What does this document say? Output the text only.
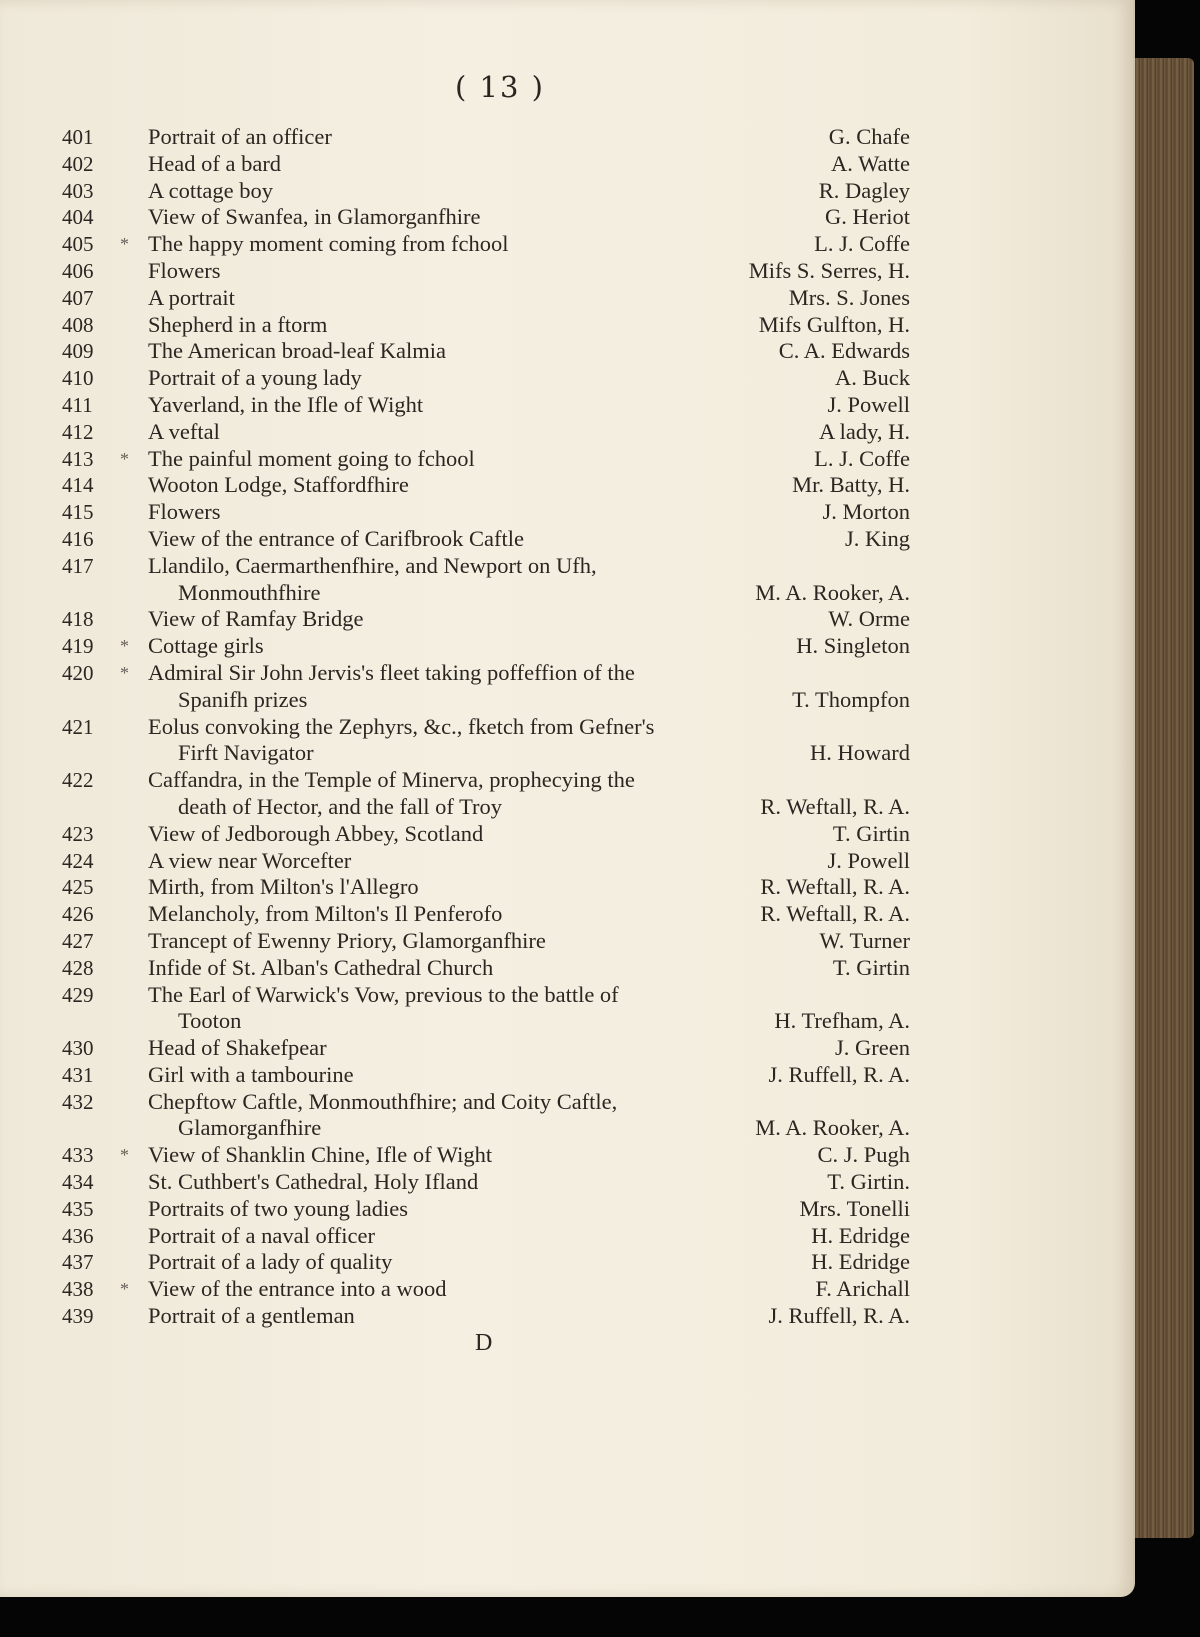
( 13 )
401	Portrait of an officer	G. Chafe
402	Head of a bard	A. Watte
403	A cottage boy	R. Dagley
404	View of Swanfea, in Glamorganfhire	G. Heriot
405	* The happy moment coming from fchool	L. J. Coffe
406	Flowers	Mifs S. Serres, H.
407	A portrait	Mrs. S. Jones
408	Shepherd in a ftorm	Mifs Gulfton, H.
409	The American broad-leaf Kalmia	C. A. Edwards
410	Portrait of a young lady	A. Buck
411	Yaverland, in the Ifle of Wight	J. Powell
412	A veftal	A lady, H.
413	* The painful moment going to fchool	L. J. Coffe
414	Wooton Lodge, Staffordfhire	Mr. Batty, H.
415	Flowers	J. Morton
416	View of the entrance of Carifbrook Caftle	J. King
417	Llandilo, Caermarthenfhire, and Newport on Ufh,
Monmouthfhire	M. A. Rooker, A.
418	View of Ramfay Bridge	W. Orme
419	* Cottage girls	H. Singleton
420	* Admiral Sir John Jervis's fleet taking poffeffion of the
Spanifh prizes	T. Thompfon
421	Eolus convoking the Zephyrs, &c., fketch from Gefner's
Firft Navigator	H. Howard
422	Caffandra, in the Temple of Minerva, prophecying the
death of Hector, and the fall of Troy	R. Weftall, R. A.
423	View of Jedborough Abbey, Scotland	T. Girtin
424	A view near Worcefter	J. Powell
425	Mirth, from Milton's l'Allegro	R. Weftall, R. A.
426	Melancholy, from Milton's Il Penferofo	R. Weftall, R. A.
427	Trancept of Ewenny Priory, Glamorganfhire	W. Turner
428	Infide of St. Alban's Cathedral Church	T. Girtin
429	The Earl of Warwick's Vow, previous to the battle of
Tooton	H. Trefham, A.
430	Head of Shakefpear	J. Green
431	Girl with a tambourine	J. Ruffell, R. A.
432	Chepftow Caftle, Monmouthfhire; and Coity Caftle,
Glamorganfhire	M. A. Rooker, A.
433	* View of Shanklin Chine, Ifle of Wight	C. J. Pugh
434	St. Cuthbert's Cathedral, Holy Ifland	T. Girtin.
435	Portraits of two young ladies	Mrs. Tonelli
436	Portrait of a naval officer	H. Edridge
437	Portrait of a lady of quality	H. Edridge
438	* View of the entrance into a wood	F. Arichall
439	Portrait of a gentleman	J. Ruffell, R. A.
D
